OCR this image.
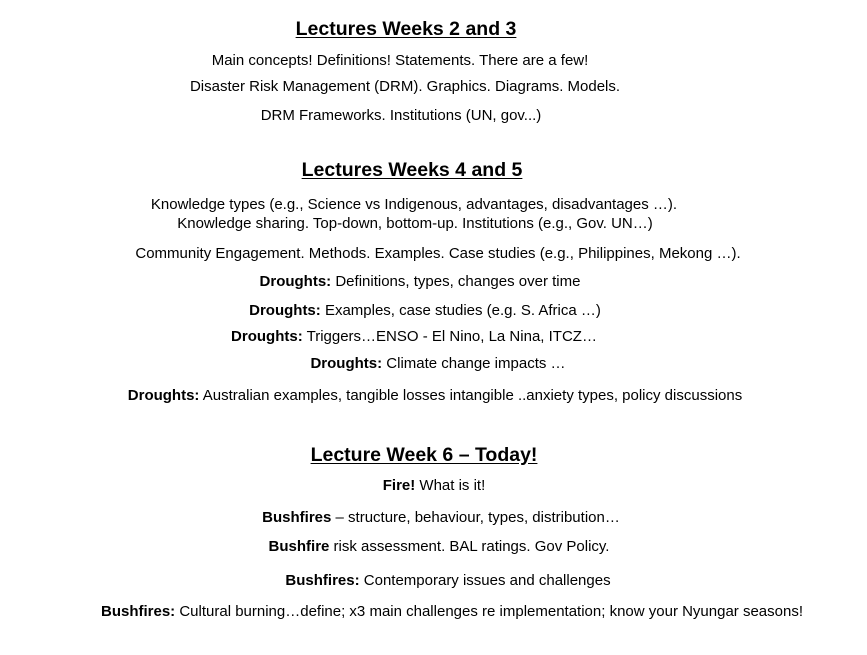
Lectures Weeks 2 and 3
Main concepts! Definitions! Statements. There are a few!
Disaster Risk Management (DRM). Graphics. Diagrams. Models.
DRM Frameworks. Institutions (UN, gov...)
Lectures Weeks 4 and 5
Knowledge types (e.g., Science vs Indigenous, advantages, disadvantages …).
Knowledge sharing. Top-down, bottom-up. Institutions (e.g., Gov. UN…)
Community Engagement. Methods. Examples. Case studies (e.g., Philippines, Mekong …).
Droughts: Definitions, types, changes over time
Droughts: Examples, case studies (e.g. S. Africa …)
Droughts: Triggers…ENSO - El Nino, La Nina, ITCZ…
Droughts: Climate change impacts …
Droughts: Australian examples, tangible losses intangible ..anxiety types, policy discussions
Lecture Week 6 – Today!
Fire! What is it!
Bushfires – structure, behaviour, types, distribution…
Bushfire risk assessment. BAL ratings. Gov Policy.
Bushfires: Contemporary issues and challenges
Bushfires: Cultural burning…define; x3 main challenges re implementation; know your Nyungar seasons!
